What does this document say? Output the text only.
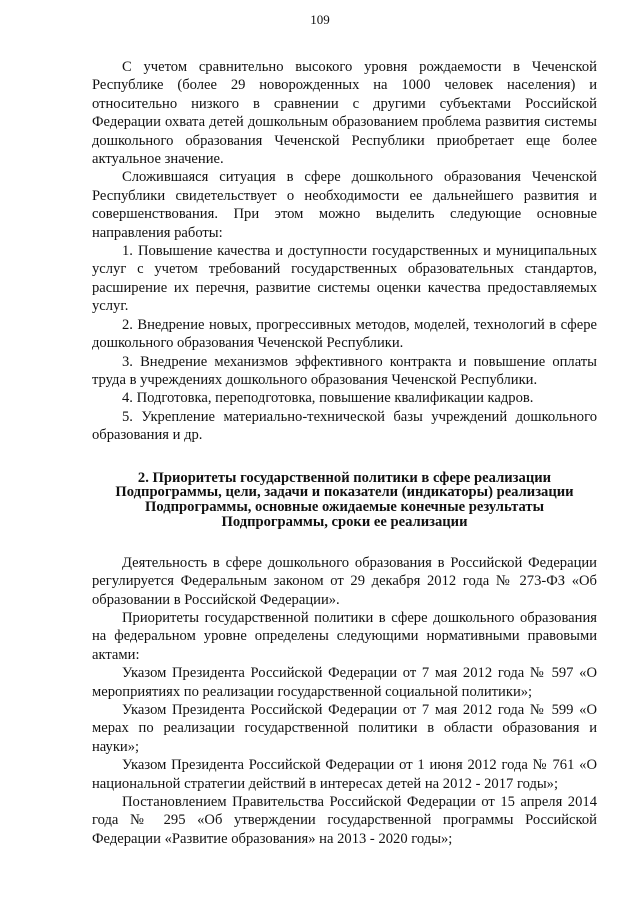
109

С учетом сравнительно высокого уровня рождаемости в Чеченской Республике (более 29 новорожденных на 1000 человек населения) и относительно низкого в сравнении с другими субъектами Российской Федерации охвата детей дошкольным образованием проблема развития системы дошкольного образования Чеченской Республики приобретает еще более актуальное значение.

Сложившаяся ситуация в сфере дошкольного образования Чеченской Республики свидетельствует о необходимости ее дальнейшего развития и совершенствования. При этом можно выделить следующие основные направления работы:

1. Повышение качества и доступности государственных и муниципальных услуг с учетом требований государственных образовательных стандартов, расширение их перечня, развитие системы оценки качества предоставляемых услуг.

2. Внедрение новых, прогрессивных методов, моделей, технологий в сфере дошкольного образования Чеченской Республики.

3. Внедрение механизмов эффективного контракта и повышение оплаты труда в учреждениях дошкольного образования Чеченской Республики.

4. Подготовка, переподготовка, повышение квалификации кадров.

5. Укрепление материально-технической базы учреждений дошкольного образования и др.

2. Приоритеты государственной политики в сфере реализации
Подпрограммы, цели, задачи и показатели (индикаторы) реализации
Подпрограммы, основные ожидаемые конечные результаты
Подпрограммы, сроки ее реализации

Деятельность в сфере дошкольного образования в Российской Федерации регулируется Федеральным законом от 29 декабря 2012 года № 273-ФЗ «Об образовании в Российской Федерации».

Приоритеты государственной политики в сфере дошкольного образования на федеральном уровне определены следующими нормативными правовыми актами:

Указом Президента Российской Федерации от 7 мая 2012 года № 597 «О мероприятиях по реализации государственной социальной политики»;

Указом Президента Российской Федерации от 7 мая 2012 года № 599 «О мерах по реализации государственной политики в области образования и науки»;

Указом Президента Российской Федерации от 1 июня 2012 года № 761 «О национальной стратегии действий в интересах детей на 2012 - 2017 годы»;

Постановлением Правительства Российской Федерации от 15 апреля 2014 года № 295 «Об утверждении государственной программы Российской Федерации «Развитие образования» на 2013 - 2020 годы»;
